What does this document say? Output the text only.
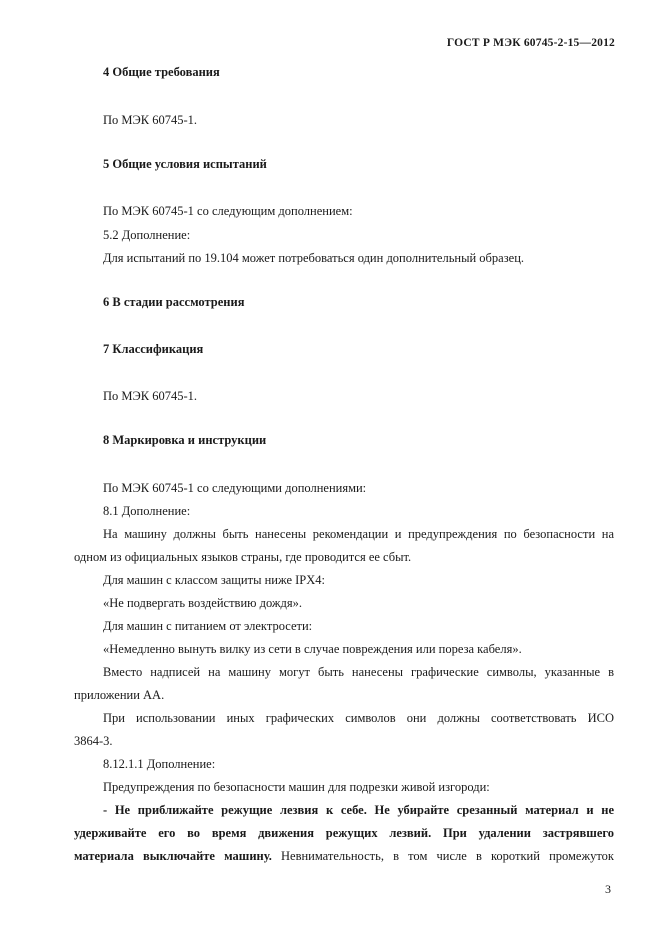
ГОСТ Р МЭК 60745-2-15—2012
4 Общие требования
По МЭК 60745-1.
5 Общие условия испытаний
По МЭК 60745-1 со следующим дополнением:
5.2 Дополнение:
Для испытаний по 19.104 может потребоваться один дополнительный образец.
6 В стадии рассмотрения
7 Классификация
По МЭК 60745-1.
8 Маркировка и инструкции
По МЭК 60745-1 со следующими дополнениями:
8.1 Дополнение:
На машину должны быть нанесены рекомендации и предупреждения по безопасности на
одном из официальных языков страны, где проводится ее сбыт.
Для машин с классом защиты ниже IPX4:
«Не подвергать воздействию дождя».
Для машин с питанием от электросети:
«Немедленно вынуть вилку из сети в случае повреждения или пореза кабеля».
Вместо надписей на машину могут быть нанесены графические символы, указанные в
приложении АА.
При использовании иных графических символов они должны соответствовать ИСО
3864-3.
8.12.1.1 Дополнение:
Предупреждения по безопасности машин для подрезки живой изгороди:
- Не приближайте режущие лезвия к себе. Не убирайте срезанный материал и не
удерживайте его во время движения режущих лезвий. При удалении застрявшего
материала выключайте машину. Невнимательность, в том числе в короткий промежуток
3
